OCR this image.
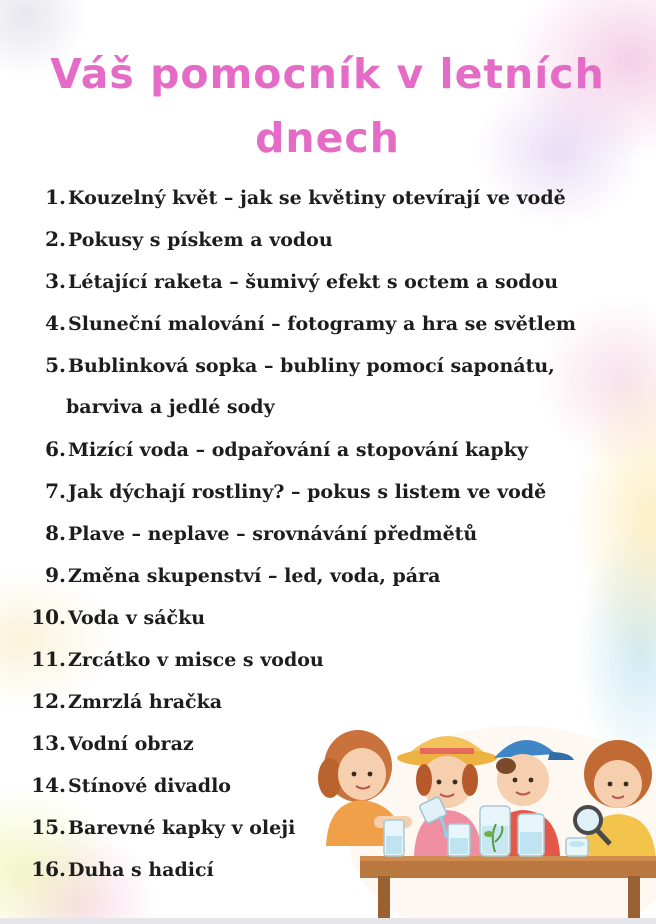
Váš pomocník v letních dnech
1. Kouzelný květ – jak se květiny otevírají ve vodě
2. Pokusy s pískem a vodou
3. Létající raketa – šumivý efekt s octem a sodou
4. Sluneční malování – fotogramy a hra se světlem
5. Bublinková sopka – bubliny pomocí saponátu,
barviva a jedlé sody
6. Mizící voda – odpařování a stopování kapky
7. Jak dýchají rostliny? – pokus s listem ve vodě
8. Plave – neplave – srovnávání předmětů
9. Změna skupenství – led, voda, pára
10. Voda v sáčku
11. Zrcátko v misce s vodou
12. Zmrzlá hračka
13. Vodní obraz
14. Stínové divadlo
15. Barevné kapky v oleji
16. Duha s hadicí
